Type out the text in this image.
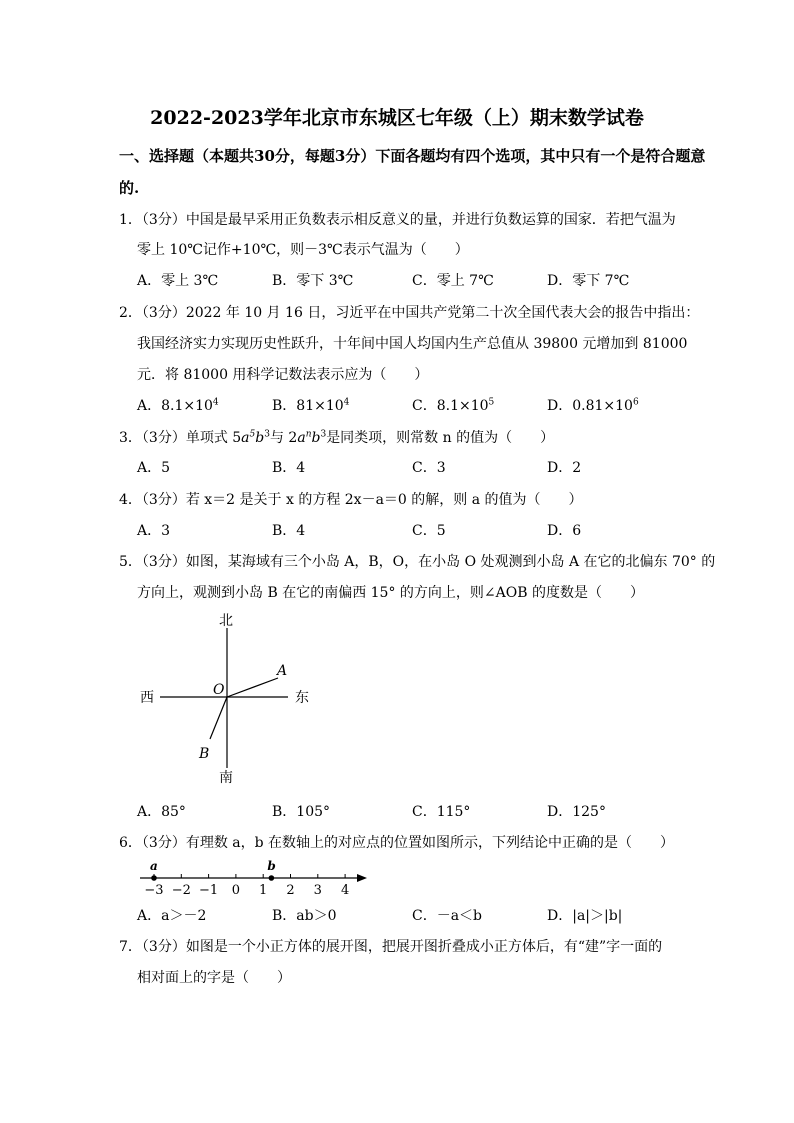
2022-2023学年北京市东城区七年级（上）期末数学试卷
一、选择题（本题共30分，每题3分）下面各题均有四个选项，其中只有一个是符合题意
的.
1．（3分）中国是最早采用正负数表示相反意义的量，并进行负数运算的国家．若把气温为
零上 10℃记作+10℃，则－3℃表示气温为（　　）
A．零上 3℃	B．零下 3℃	C．零上 7℃	D．零下 7℃
2．（3分）2022 年 10 月 16 日，习近平在中国共产党第二十次全国代表大会的报告中指出：
我国经济实力实现历史性跃升，十年间中国人均国内生产总值从 39800 元增加到 81000
元．将 81000 用科学记数法表示应为（　　）
A．$8.1\times 10^4$	B．$81\times 10^4$	C．$8.1\times 10^5$	D．$0.81\times 10^6$
3．（3分）单项式 $5a^5b^3$与 $2a^nb^3$是同类项，则常数 n 的值为（　　）
A．5	B．4	C．3	D．2
4．（3分）若 x＝2 是关于 x 的方程 2x－a＝0 的解，则 a 的值为（　　）
A．3	B．4	C．5	D．6
5．（3分）如图，某海域有三个小岛 A，B，O，在小岛 O 处观测到小岛 A 在它的北偏东 70° 的
方向上，观测到小岛 B 在它的南偏西 15° 的方向上，则∠AOB 的度数是（　　）
北
南
西	东
O
A
B
A．85°	B．105°	C．115°	D．125°
6．（3分）有理数 a，b 在数轴上的对应点的位置如图所示，下列结论中正确的是（　　）
−3 −2 −1 0 1 2 3 4
a	b
A．a＞－2	B．ab＞0	C．－a＜b	D．|a|＞|b|
7．（3分）如图是一个小正方体的展开图，把展开图折叠成小正方体后，有“建”字一面的
相对面上的字是（　　）
